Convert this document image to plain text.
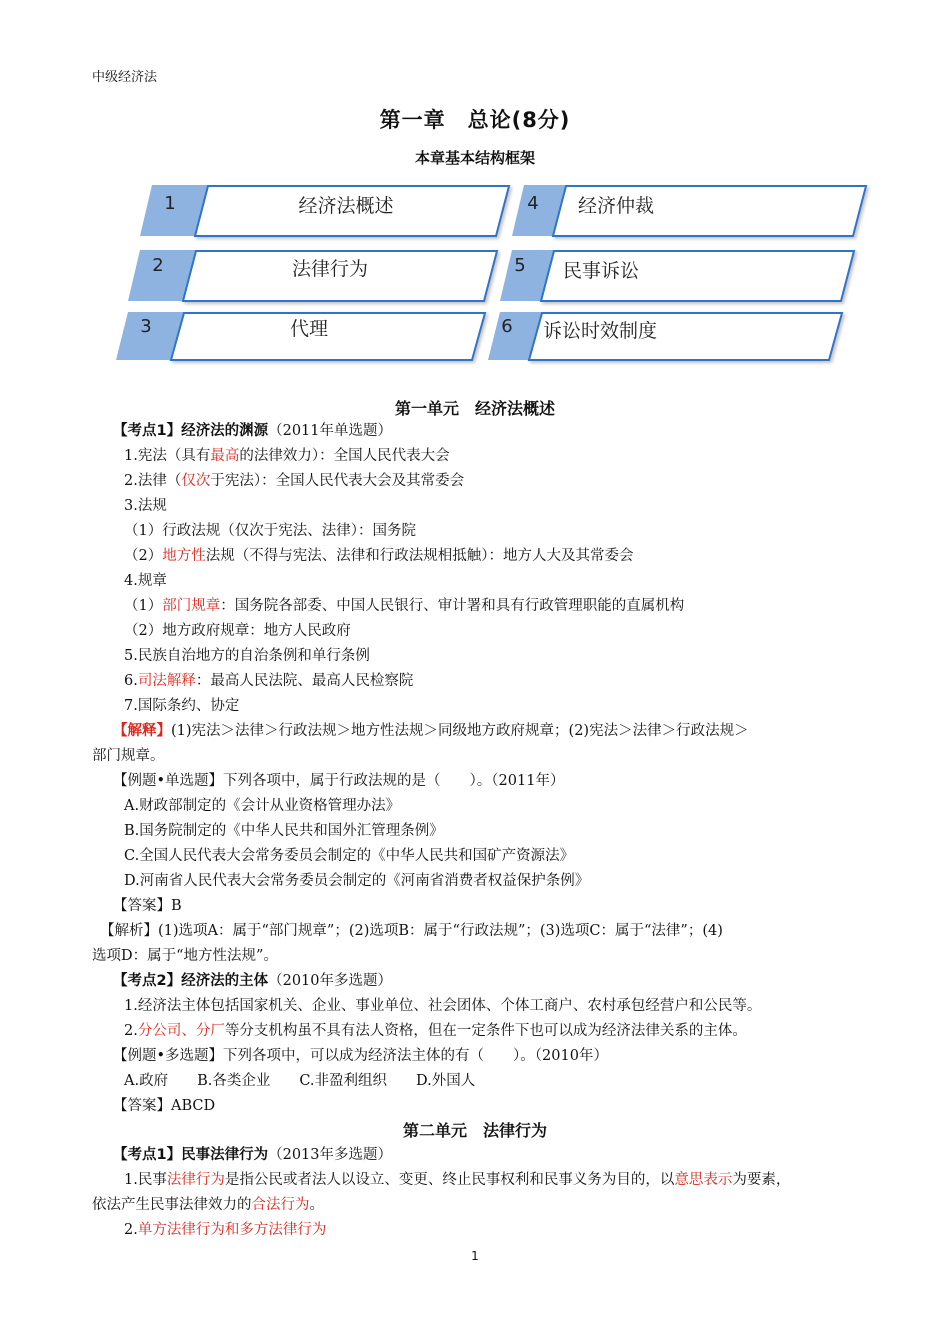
中级经济法
第一章　总论(8分)
本章基本结构框架
1
2
3
4
5
6
经济法概述
法律行为
代理
经济仲裁
民事诉讼
诉讼时效制度
第一单元　经济法概述
【考点1】经济法的渊源（2011年单选题）
1.宪法（具有最高的法律效力）：全国人民代表大会
2.法律（仅次于宪法）：全国人民代表大会及其常委会
3.法规
（1）行政法规（仅次于宪法、法律）：国务院
（2）地方性法规（不得与宪法、法律和行政法规相抵触）：地方人大及其常委会
4.规章
（1）部门规章：国务院各部委、中国人民银行、审计署和具有行政管理职能的直属机构
（2）地方政府规章：地方人民政府
5.民族自治地方的自治条例和单行条例
6.司法解释：最高人民法院、最高人民检察院
7.国际条约、协定
【解释】(1)宪法＞法律＞行政法规＞地方性法规＞同级地方政府规章；(2)宪法＞法律＞行政法规＞
部门规章。
【例题•单选题】下列各项中，属于行政法规的是（　　）。（2011年）
A.财政部制定的《会计从业资格管理办法》
B.国务院制定的《中华人民共和国外汇管理条例》
C.全国人民代表大会常务委员会制定的《中华人民共和国矿产资源法》
D.河南省人民代表大会常务委员会制定的《河南省消费者权益保护条例》
【答案】B
【解析】(1)选项A：属于“部门规章”；(2)选项B：属于“行政法规”；(3)选项C：属于“法律”；(4)
选项D：属于“地方性法规”。
【考点2】经济法的主体（2010年多选题）
1.经济法主体包括国家机关、企业、事业单位、社会团体、个体工商户、农村承包经营户和公民等。
2.分公司、分厂等分支机构虽不具有法人资格，但在一定条件下也可以成为经济法律关系的主体。
【例题•多选题】下列各项中，可以成为经济法主体的有（　　）。（2010年）
A.政府　　B.各类企业　　C.非盈利组织　　D.外国人
【答案】ABCD
第二单元　法律行为
【考点1】民事法律行为（2013年多选题）
1.民事法律行为是指公民或者法人以设立、变更、终止民事权利和民事义务为目的，以意思表示为要素，
依法产生民事法律效力的合法行为。
2.单方法律行为和多方法律行为
1
